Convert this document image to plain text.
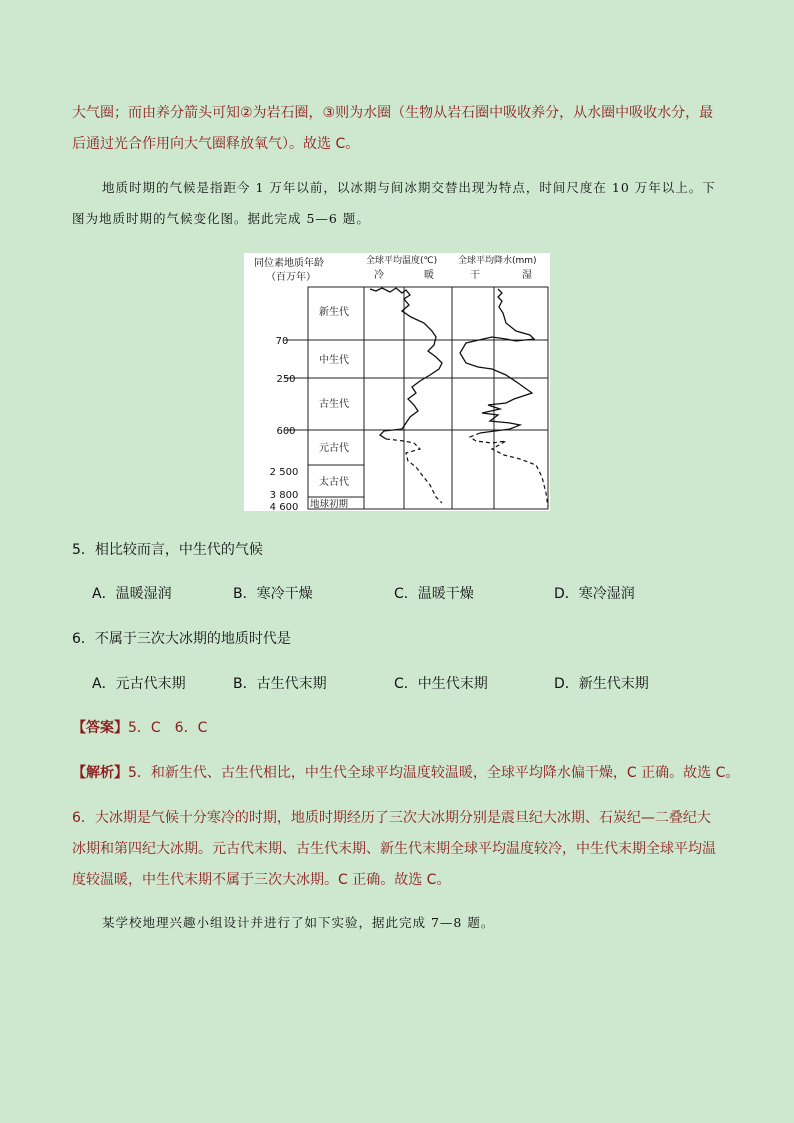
大气圈；而由养分箭头可知②为岩石圈，③则为水圈（生物从岩石圈中吸收养分，从水圈中吸收水分，最
后通过光合作用向大气圈释放氧气）。故选 C。
地质时期的气候是指距今 1 万年以前，以冰期与间冰期交替出现为特点，时间尺度在 10 万年以上。下
图为地质时期的气候变化图。据此完成 5—6 题。
同位素地质年龄
（百万年）
全球平均温度(℃)
冷	暖
全球平均降水(mm)
干	湿
新生代
中生代
古生代
元古代
太古代
地球初期
70
250
600
2 500
3 800
4 600
5．相比较而言，中生代的气候
A．温暖湿润	B．寒冷干燥	C．温暖干燥	D．寒冷湿润
6．不属于三次大冰期的地质时代是
A．元古代末期	B．古生代末期	C．中生代末期	D．新生代末期
【答案】5．C　6．C
【解析】5．和新生代、古生代相比，中生代全球平均温度较温暖，全球平均降水偏干燥，C 正确。故选 C。
6．大冰期是气候十分寒冷的时期，地质时期经历了三次大冰期分别是震旦纪大冰期、石炭纪—二叠纪大
冰期和第四纪大冰期。元古代末期、古生代末期、新生代末期全球平均温度较冷，中生代末期全球平均温
度较温暖，中生代末期不属于三次大冰期。C 正确。故选 C。
某学校地理兴趣小组设计并进行了如下实验，据此完成 7—8 题。
